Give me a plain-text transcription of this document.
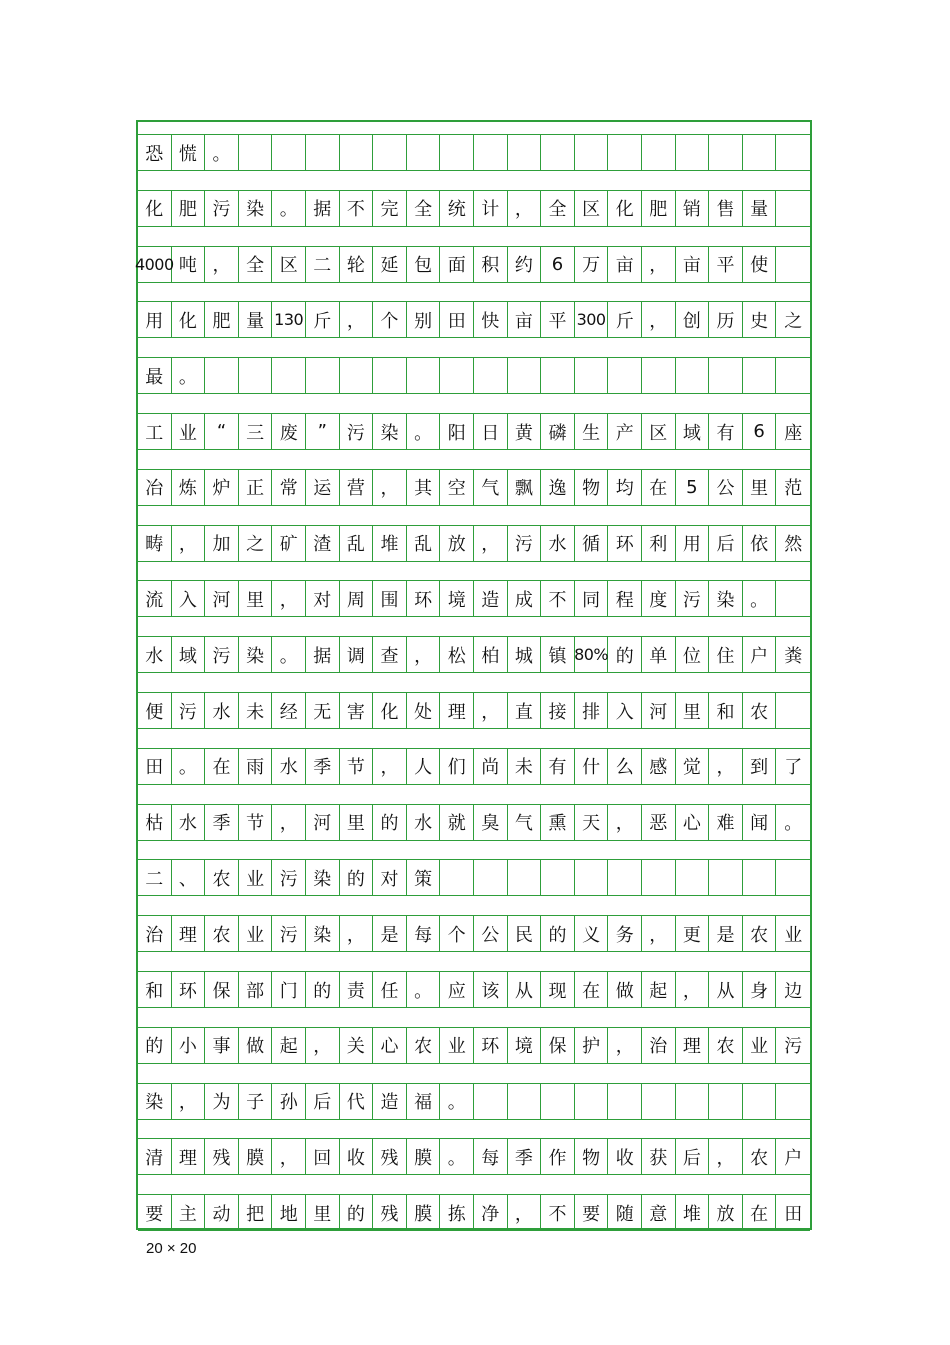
恐 慌 。
化 肥 污 染 。 据 不 完 全 统 计 ， 全 区 化 肥 销 售 量
4000 吨 ， 全 区 二 轮 延 包 面 积 约	6	万 亩 ， 亩 平 使
用 化 肥 量 130 斤 ， 个 别 田 快 亩 平 300 斤 ， 创 历 史 之
最 。
工 业	“	三 废	”	污 染 。 阳 日 黄 磷 生 产 区 域 有	6	座
冶 炼 炉 正 常 运 营 ， 其 空 气 飘 逸 物 均 在	5	公 里 范
畴 ， 加 之 矿 渣 乱 堆 乱 放 ， 污 水 循 环 利 用 后 依 然
流 入 河 里 ， 对 周 围 环 境 造 成 不 同 程 度 污 染 。
水 域 污 染 。 据 调 查 ， 松 柏 城 镇 80% 的 单 位 住 户 粪
便 污 水 未 经 无 害 化 处 理 ， 直 接 排 入 河 里 和 农
田 。 在 雨 水 季 节 ， 人 们 尚 未 有 什 么 感 觉 ， 到 了
枯 水 季 节 ， 河 里 的 水 就 臭 气 熏 天 ， 恶 心 难 闻 。
二 、 农 业 污 染 的 对 策
治 理 农 业 污 染 ， 是 每 个 公 民 的 义 务 ， 更 是 农 业
和 环 保 部 门 的 责 任 。 应 该 从 现 在 做 起 ， 从 身 边
的 小 事 做 起 ， 关 心 农 业 环 境 保 护 ， 治 理 农 业 污
染 ， 为 子 孙 后 代 造 福 。
清 理 残 膜 ， 回 收 残 膜 。 每 季 作 物 收 获 后 ， 农 户
要 主 动 把 地 里 的 残 膜 拣 净 ， 不 要 随 意 堆 放 在 田
20 × 20
